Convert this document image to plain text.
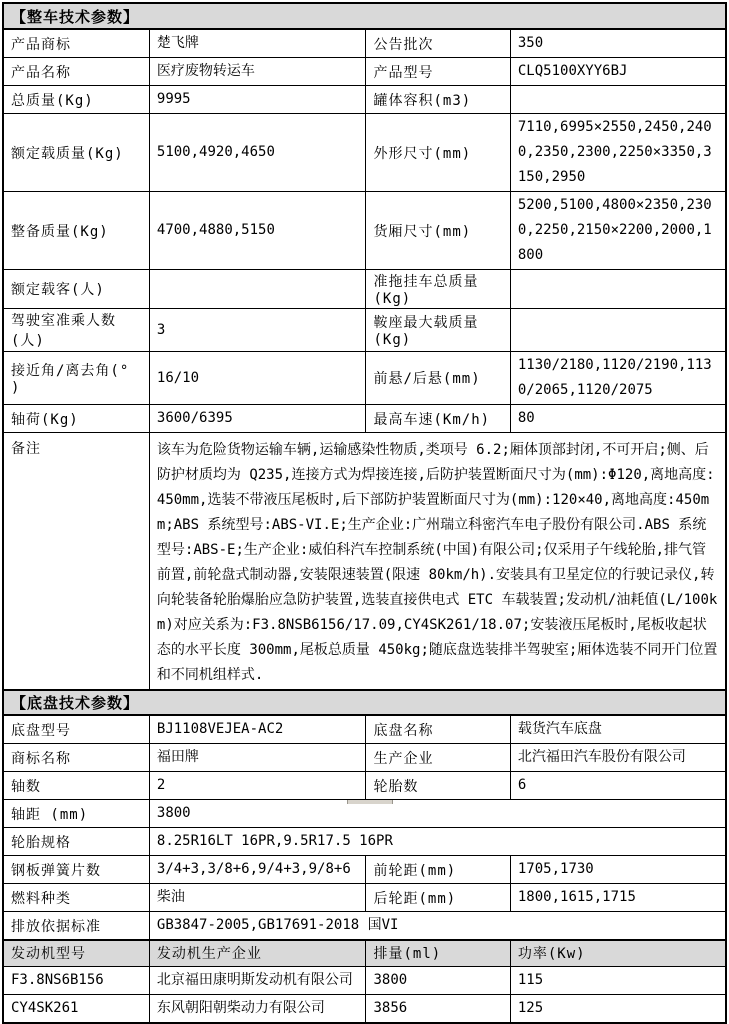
【整车技术参数】			
产品商标	楚飞牌	公告批次	350
产品名称	医疗废物转运车	产品型号	CLQ5100XYY6BJ
总质量(Kg)	9995	罐体容积(m3)	
额定载质量(Kg)	5100,4920,4650	外形尺寸(mm)	7110,6995×2550,2450,2400,2350,2300,2250×3350,3150,2950
整备质量(Kg)	4700,4880,5150	货厢尺寸(mm)	5200,5100,4800×2350,2300,2250,2150×2200,2000,1800
额定载客(人)		准拖挂车总质量(Kg)	
驾驶室准乘人数(人)	3	鞍座最大载质量(Kg)	
接近角/离去角(° )	16/10	前悬/后悬(mm)	1130/2180,1120/2190,1130/2065,1120/2075
轴荷(Kg)	3600/6395	最高车速(Km/h)	80
备注	该车为危险货物运输车辆,运输感染性物质,类项号 6.2;厢体顶部封闭,不可开启;侧、后防护材质均为 Q235,连接方式为焊接连接,后防护装置断面尺寸为(mm):Φ120,离地高度:450mm,选装不带液压尾板时,后下部防护装置断面尺寸为(mm):120×40,离地高度:450mm;ABS 系统型号:ABS-VI.E;生产企业:广州瑞立科密汽车电子股份有限公司.ABS 系统型号:ABS-E;生产企业:威伯科汽车控制系统(中国)有限公司;仅采用子午线轮胎,排气管前置,前轮盘式制动器,安装限速装置(限速 80km/h).安装具有卫星定位的行驶记录仪,转向轮装备轮胎爆胎应急防护装置,选装直接供电式 ETC 车载装置;发动机/油耗值(L/100km)对应关系为:F3.8NSB6156/17.09,CY4SK261/18.07;安装液压尾板时,尾板收起状态的水平长度 300mm,尾板总质量 450kg;随底盘选装排半驾驶室;厢体选装不同开门位置和不同机组样式.		
【底盘技术参数】			
底盘型号	BJ1108VEJEA-AC2	底盘名称	载货汽车底盘
商标名称	福田牌	生产企业	北汽福田汽车股份有限公司
轴数	2	轮胎数	6
轴距 (mm)	3800		
轮胎规格	8.25R16LT 16PR,9.5R17.5 16PR		
钢板弹簧片数	3/4+3,3/8+6,9/4+3,9/8+6	前轮距(mm)	1705,1730
燃料种类	柴油	后轮距(mm)	1800,1615,1715
排放依据标准	GB3847-2005,GB17691-2018 国VI		
发动机型号	发动机生产企业	排量(ml)	功率(Kw)
F3.8NS6B156	北京福田康明斯发动机有限公司	3800	115
CY4SK261	东风朝阳朝柴动力有限公司	3856	125
